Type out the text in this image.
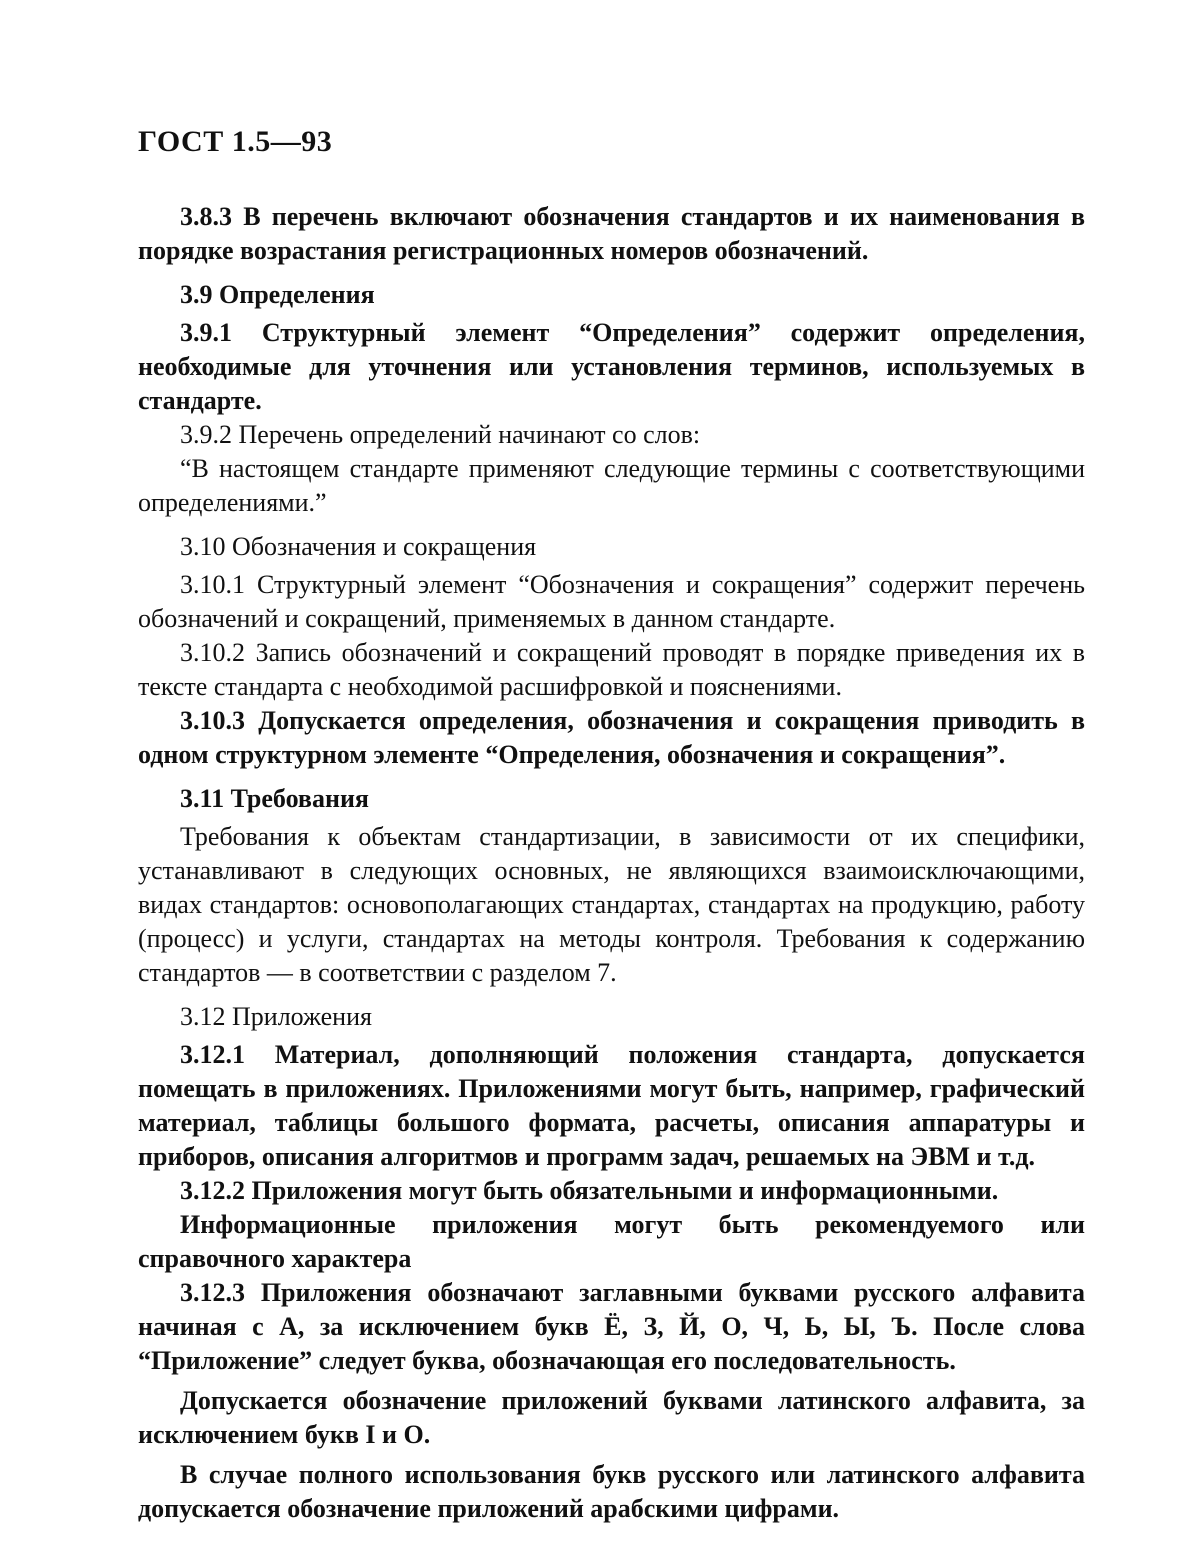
ГОСТ 1.5—93

3.8.3 В перечень включают обозначения стандартов и их наименования в порядке возрастания регистрационных номеров обозначений.

3.9 Определения

3.9.1 Структурный элемент “Определения” содержит определения, необходимые для уточнения или установления терминов, используемых в стандарте.

3.9.2 Перечень определений начинают со слов:

“В настоящем стандарте применяют следующие термины с соответствующими определениями.”

3.10 Обозначения и сокращения

3.10.1 Структурный элемент “Обозначения и сокращения” содержит перечень обозначений и сокращений, применяемых в данном стандарте.

3.10.2 Запись обозначений и сокращений проводят в порядке приведения их в тексте стандарта с необходимой расшифровкой и пояснениями.

3.10.3 Допускается определения, обозначения и сокращения приводить в одном структурном элементе “Определения, обозначения и сокращения”.

3.11 Требования

Требования к объектам стандартизации, в зависимости от их специфики, устанавливают в следующих основных, не являющихся взаимоисключающими, видах стандартов: основополагающих стандартах, стандартах на продукцию, работу (процесс) и услуги, стандартах на методы контроля. Требования к содержанию стандартов — в соответствии с разделом 7.

3.12 Приложения

3.12.1 Материал, дополняющий положения стандарта, допускается помещать в приложениях. Приложениями могут быть, например, графический материал, таблицы большого формата, расчеты, описания аппаратуры и приборов, описания алгоритмов и программ задач, решаемых на ЭВМ и т.д.

3.12.2 Приложения могут быть обязательными и информационными.

Информационные приложения могут быть рекомендуемого или справочного характера

3.12.3 Приложения обозначают заглавными буквами русского алфавита начиная с А, за исключением букв Ё, З, Й, О, Ч, Ь, Ы, Ъ. После слова “Приложение” следует буква, обозначающая его последовательность.

Допускается обозначение приложений буквами латинского алфавита, за исключением букв I и O.

В случае полного использования букв русского или латинского алфавита допускается обозначение приложений арабскими цифрами.
